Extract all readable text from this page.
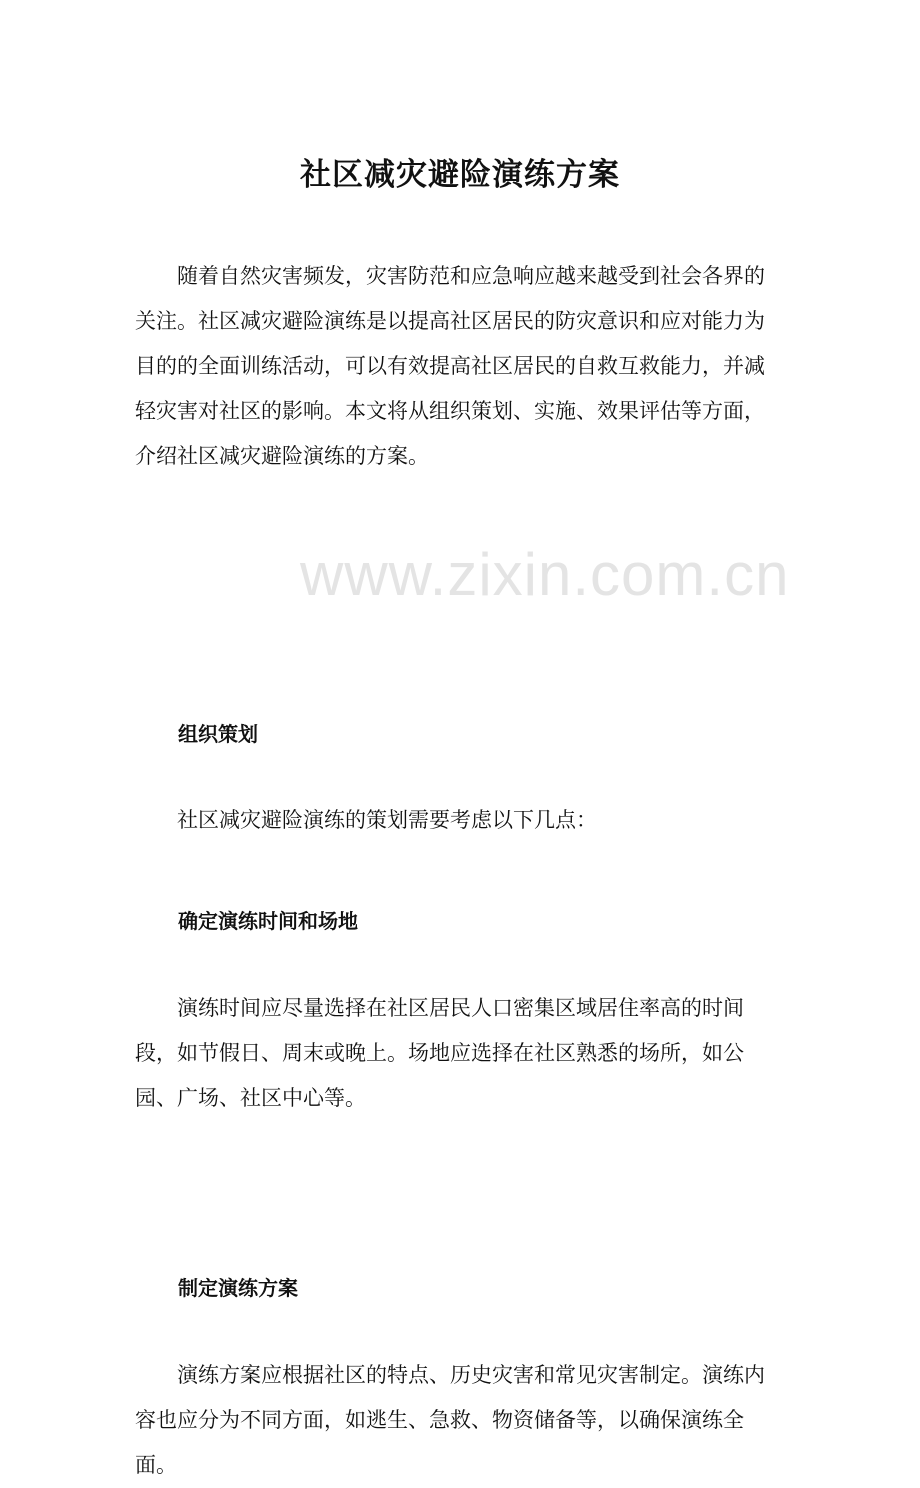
www.zixin.com.cn
社区减灾避险演练方案

随着自然灾害频发，灾害防范和应急响应越来越受到社会各界的关注。社区减灾避险演练是以提高社区居民的防灾意识和应对能力为目的的全面训练活动，可以有效提高社区居民的自救互救能力，并减轻灾害对社区的影响。本文将从组织策划、实施、效果评估等方面，介绍社区减灾避险演练的方案。

组织策划

社区减灾避险演练的策划需要考虑以下几点：

确定演练时间和场地

演练时间应尽量选择在社区居民人口密集区域居住率高的时间段，如节假日、周末或晚上。场地应选择在社区熟悉的场所，如公园、广场、社区中心等。

制定演练方案

演练方案应根据社区的特点、历史灾害和常见灾害制定。演练内容也应分为不同方面，如逃生、急救、物资储备等，以确保演练全面。
